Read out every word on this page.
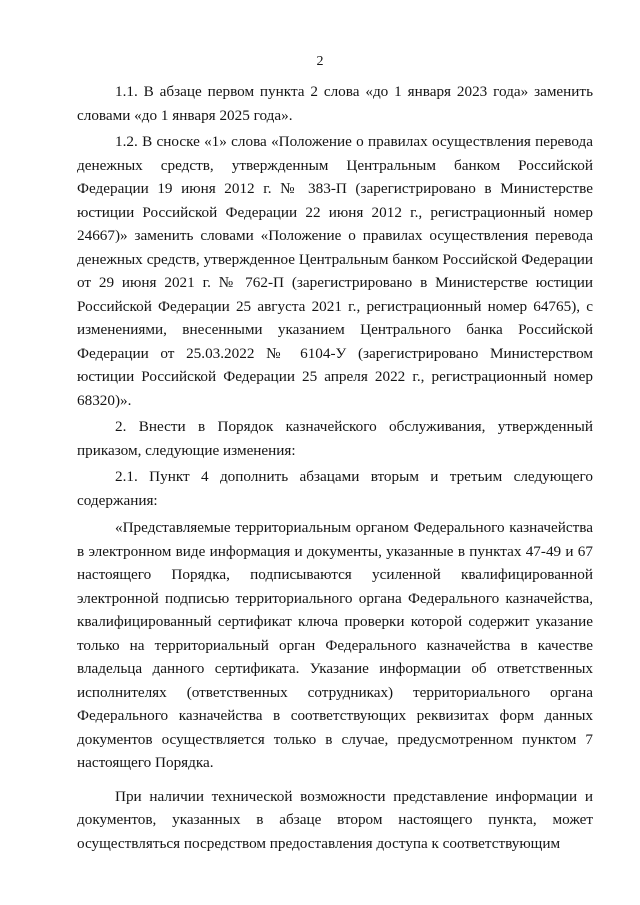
2

1.1. В абзаце первом пункта 2 слова «до 1 января 2023 года» заменить словами «до 1 января 2025 года».

1.2. В сноске «1» слова «Положение о правилах осуществления перевода денежных средств, утвержденным Центральным банком Российской Федерации 19 июня 2012 г. № 383-П (зарегистрировано в Министерстве юстиции Российской Федерации 22 июня 2012 г., регистрационный номер 24667)» заменить словами «Положение о правилах осуществления перевода денежных средств, утвержденное Центральным банком Российской Федерации от 29 июня 2021 г. № 762-П (зарегистрировано в Министерстве юстиции Российской Федерации 25 августа 2021 г., регистрационный номер 64765), с изменениями, внесенными указанием Центрального банка Российской Федерации от 25.03.2022 № 6104-У (зарегистрировано Министерством юстиции Российской Федерации 25 апреля 2022 г., регистрационный номер 68320)».

2. Внести в Порядок казначейского обслуживания, утвержденный приказом, следующие изменения:

2.1. Пункт 4 дополнить абзацами вторым и третьим следующего содержания:

«Представляемые территориальным органом Федерального казначейства в электронном виде информация и документы, указанные в пунктах 47-49 и 67 настоящего Порядка, подписываются усиленной квалифицированной электронной подписью территориального органа Федерального казначейства, квалифицированный сертификат ключа проверки которой содержит указание только на территориальный орган Федерального казначейства в качестве владельца данного сертификата. Указание информации об ответственных исполнителях (ответственных сотрудниках) территориального органа Федерального казначейства в соответствующих реквизитах форм данных документов осуществляется только в случае, предусмотренном пунктом 7 настоящего Порядка.

При наличии технической возможности представление информации и документов, указанных в абзаце втором настоящего пункта, может осуществляться посредством предоставления доступа к соответствующим
